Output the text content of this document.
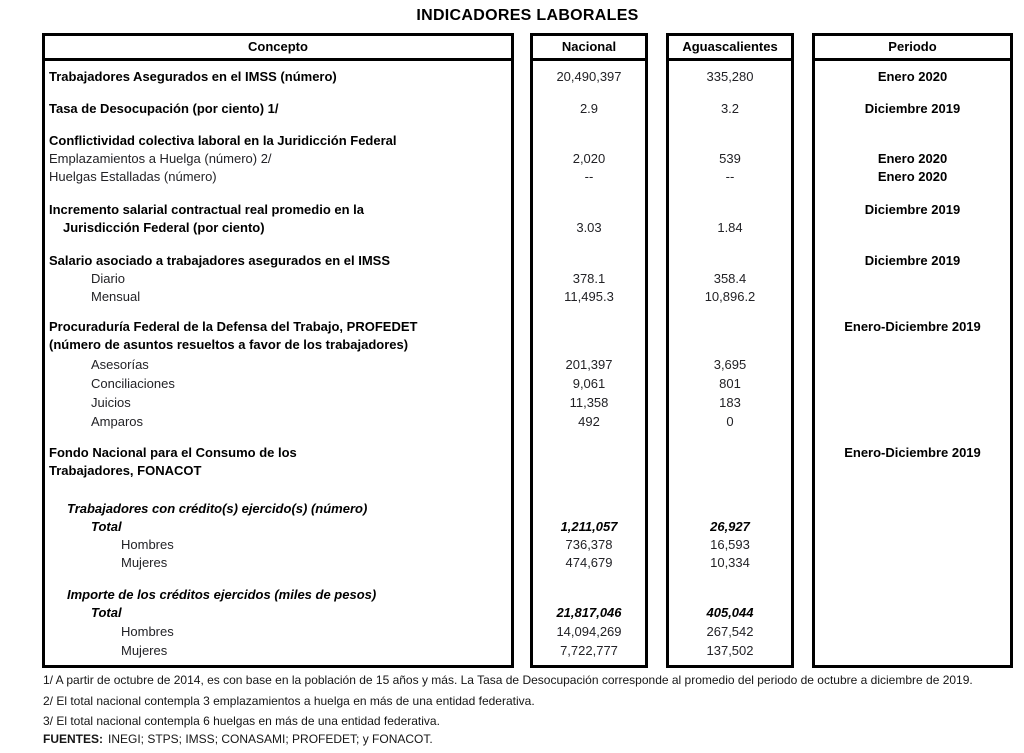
INDICADORES LABORALES
Concepto
Trabajadores Asegurados en el IMSS (número)
Tasa de Desocupación (por ciento) 1/
Conflictividad colectiva laboral en la Juridicción Federal
Emplazamientos a Huelga (número) 2/
Huelgas Estalladas (número)
Incremento salarial contractual real promedio en la
Jurisdicción Federal (por ciento)
Salario asociado a trabajadores asegurados en el IMSS
Diario
Mensual
Procuraduría Federal de la Defensa del Trabajo, PROFEDET
(número de asuntos resueltos a favor de los trabajadores)
Asesorías
Conciliaciones
Juicios
Amparos
Fondo Nacional para el Consumo de los
Trabajadores, FONACOT
Trabajadores con crédito(s) ejercido(s) (número)
Total
Hombres
Mujeres
Importe de los créditos ejercidos (miles de pesos)
Total
Hombres
Mujeres
Nacional
20,490,397
2.9
2,020
--
3.03
378.1
11,495.3
201,397
9,061
11,358
492
1,211,057
736,378
474,679
21,817,046
14,094,269
7,722,777
Aguascalientes
335,280
3.2
539
--
1.84
358.4
10,896.2
3,695
801
183
0
26,927
16,593
10,334
405,044
267,542
137,502
Periodo
Enero 2020
Diciembre 2019
Enero 2020
Enero 2020
Diciembre 2019
Diciembre 2019
Enero-Diciembre 2019
Enero-Diciembre 2019
1/ A partir de octubre de 2014, es con base en la población de 15 años y más. La Tasa de Desocupación corresponde al promedio del periodo de octubre a diciembre de 2019.
2/ El total nacional contempla 3 emplazamientos a huelga en más de una entidad federativa.
3/ El total nacional contempla 6 huelgas en más de una entidad federativa.
FUENTES: INEGI; STPS; IMSS; CONASAMI; PROFEDET; y FONACOT.
